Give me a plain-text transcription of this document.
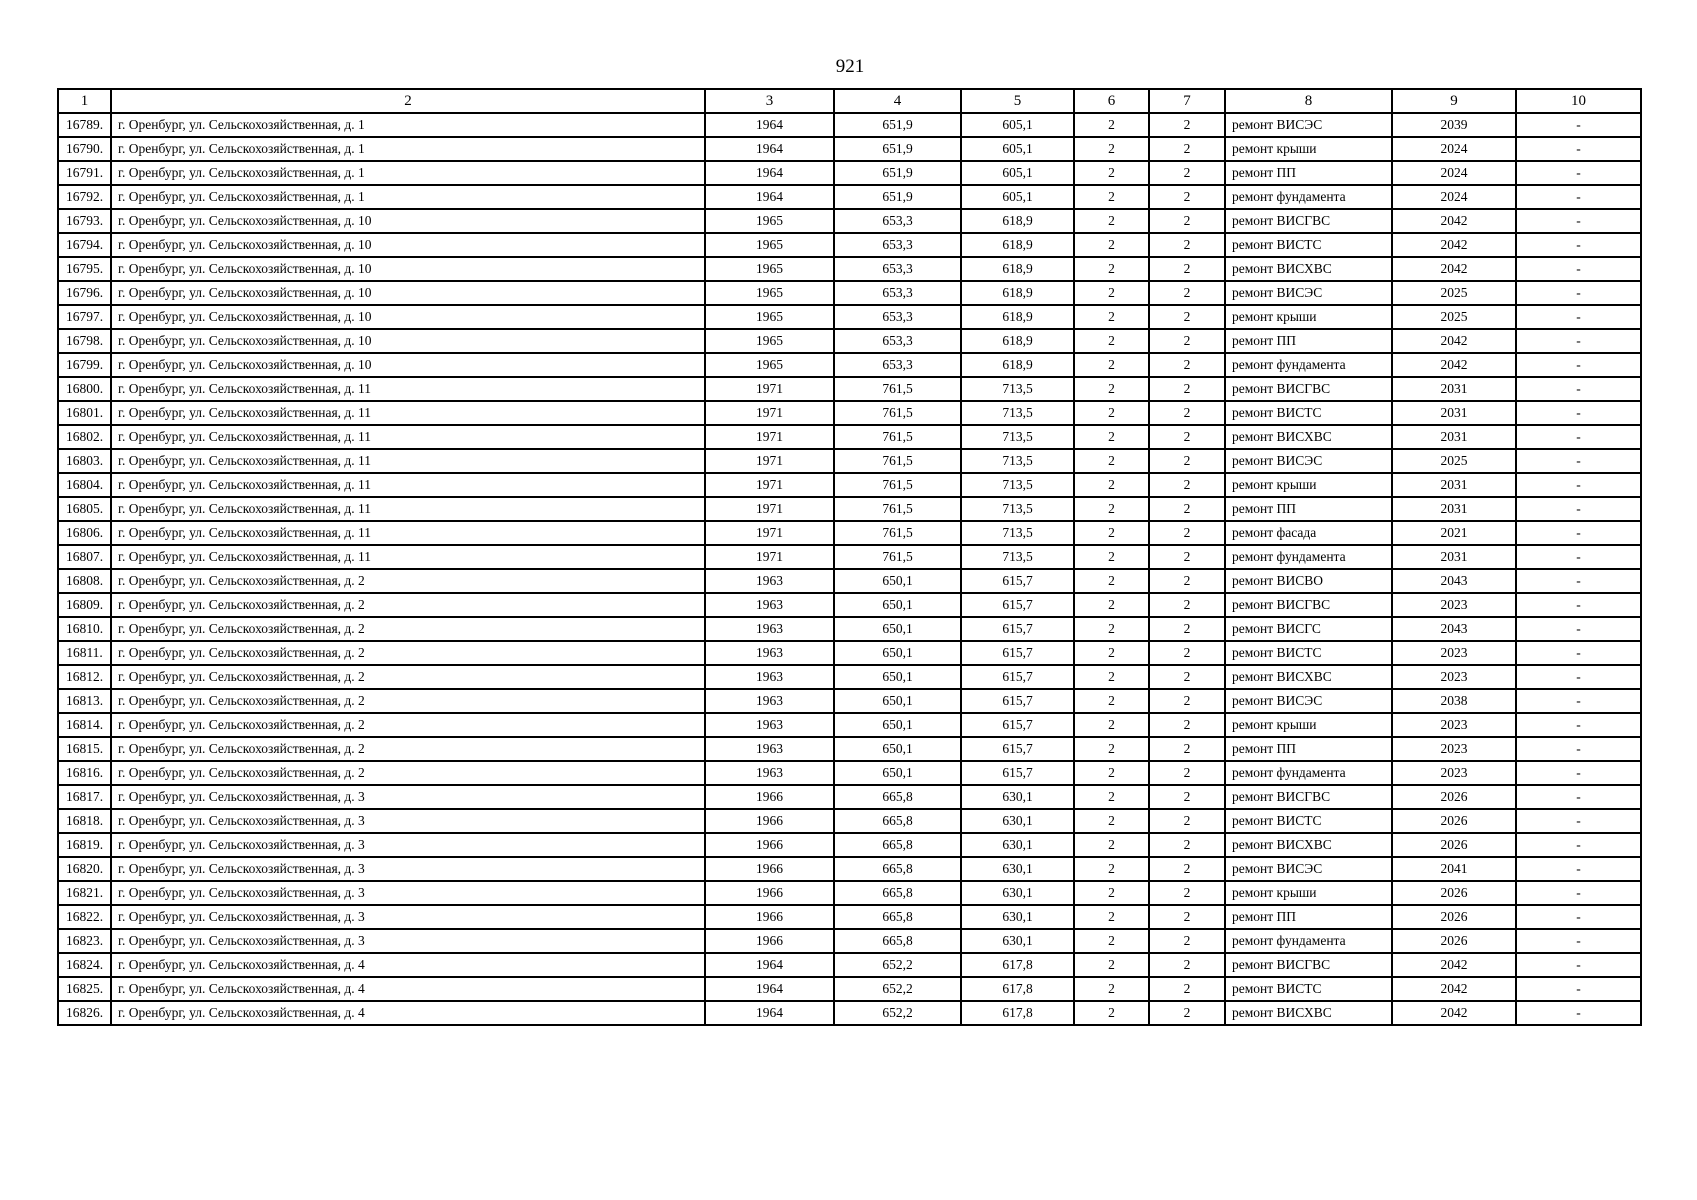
921
1	2	3	4	5	6	7	8	9	10
16789.	г. Оренбург, ул. Сельскохозяйственная, д. 1	1964	651,9	605,1	2	2	ремонт ВИСЭС	2039	-
16790.	г. Оренбург, ул. Сельскохозяйственная, д. 1	1964	651,9	605,1	2	2	ремонт крыши	2024	-
16791.	г. Оренбург, ул. Сельскохозяйственная, д. 1	1964	651,9	605,1	2	2	ремонт ПП	2024	-
16792.	г. Оренбург, ул. Сельскохозяйственная, д. 1	1964	651,9	605,1	2	2	ремонт фундамента	2024	-
16793.	г. Оренбург, ул. Сельскохозяйственная, д. 10	1965	653,3	618,9	2	2	ремонт ВИСГВС	2042	-
16794.	г. Оренбург, ул. Сельскохозяйственная, д. 10	1965	653,3	618,9	2	2	ремонт ВИСТС	2042	-
16795.	г. Оренбург, ул. Сельскохозяйственная, д. 10	1965	653,3	618,9	2	2	ремонт ВИСХВС	2042	-
16796.	г. Оренбург, ул. Сельскохозяйственная, д. 10	1965	653,3	618,9	2	2	ремонт ВИСЭС	2025	-
16797.	г. Оренбург, ул. Сельскохозяйственная, д. 10	1965	653,3	618,9	2	2	ремонт крыши	2025	-
16798.	г. Оренбург, ул. Сельскохозяйственная, д. 10	1965	653,3	618,9	2	2	ремонт ПП	2042	-
16799.	г. Оренбург, ул. Сельскохозяйственная, д. 10	1965	653,3	618,9	2	2	ремонт фундамента	2042	-
16800.	г. Оренбург, ул. Сельскохозяйственная, д. 11	1971	761,5	713,5	2	2	ремонт ВИСГВС	2031	-
16801.	г. Оренбург, ул. Сельскохозяйственная, д. 11	1971	761,5	713,5	2	2	ремонт ВИСТС	2031	-
16802.	г. Оренбург, ул. Сельскохозяйственная, д. 11	1971	761,5	713,5	2	2	ремонт ВИСХВС	2031	-
16803.	г. Оренбург, ул. Сельскохозяйственная, д. 11	1971	761,5	713,5	2	2	ремонт ВИСЭС	2025	-
16804.	г. Оренбург, ул. Сельскохозяйственная, д. 11	1971	761,5	713,5	2	2	ремонт крыши	2031	-
16805.	г. Оренбург, ул. Сельскохозяйственная, д. 11	1971	761,5	713,5	2	2	ремонт ПП	2031	-
16806.	г. Оренбург, ул. Сельскохозяйственная, д. 11	1971	761,5	713,5	2	2	ремонт фасада	2021	-
16807.	г. Оренбург, ул. Сельскохозяйственная, д. 11	1971	761,5	713,5	2	2	ремонт фундамента	2031	-
16808.	г. Оренбург, ул. Сельскохозяйственная, д. 2	1963	650,1	615,7	2	2	ремонт ВИСВО	2043	-
16809.	г. Оренбург, ул. Сельскохозяйственная, д. 2	1963	650,1	615,7	2	2	ремонт ВИСГВС	2023	-
16810.	г. Оренбург, ул. Сельскохозяйственная, д. 2	1963	650,1	615,7	2	2	ремонт ВИСГС	2043	-
16811.	г. Оренбург, ул. Сельскохозяйственная, д. 2	1963	650,1	615,7	2	2	ремонт ВИСТС	2023	-
16812.	г. Оренбург, ул. Сельскохозяйственная, д. 2	1963	650,1	615,7	2	2	ремонт ВИСХВС	2023	-
16813.	г. Оренбург, ул. Сельскохозяйственная, д. 2	1963	650,1	615,7	2	2	ремонт ВИСЭС	2038	-
16814.	г. Оренбург, ул. Сельскохозяйственная, д. 2	1963	650,1	615,7	2	2	ремонт крыши	2023	-
16815.	г. Оренбург, ул. Сельскохозяйственная, д. 2	1963	650,1	615,7	2	2	ремонт ПП	2023	-
16816.	г. Оренбург, ул. Сельскохозяйственная, д. 2	1963	650,1	615,7	2	2	ремонт фундамента	2023	-
16817.	г. Оренбург, ул. Сельскохозяйственная, д. 3	1966	665,8	630,1	2	2	ремонт ВИСГВС	2026	-
16818.	г. Оренбург, ул. Сельскохозяйственная, д. 3	1966	665,8	630,1	2	2	ремонт ВИСТС	2026	-
16819.	г. Оренбург, ул. Сельскохозяйственная, д. 3	1966	665,8	630,1	2	2	ремонт ВИСХВС	2026	-
16820.	г. Оренбург, ул. Сельскохозяйственная, д. 3	1966	665,8	630,1	2	2	ремонт ВИСЭС	2041	-
16821.	г. Оренбург, ул. Сельскохозяйственная, д. 3	1966	665,8	630,1	2	2	ремонт крыши	2026	-
16822.	г. Оренбург, ул. Сельскохозяйственная, д. 3	1966	665,8	630,1	2	2	ремонт ПП	2026	-
16823.	г. Оренбург, ул. Сельскохозяйственная, д. 3	1966	665,8	630,1	2	2	ремонт фундамента	2026	-
16824.	г. Оренбург, ул. Сельскохозяйственная, д. 4	1964	652,2	617,8	2	2	ремонт ВИСГВС	2042	-
16825.	г. Оренбург, ул. Сельскохозяйственная, д. 4	1964	652,2	617,8	2	2	ремонт ВИСТС	2042	-
16826.	г. Оренбург, ул. Сельскохозяйственная, д. 4	1964	652,2	617,8	2	2	ремонт ВИСХВС	2042	-
